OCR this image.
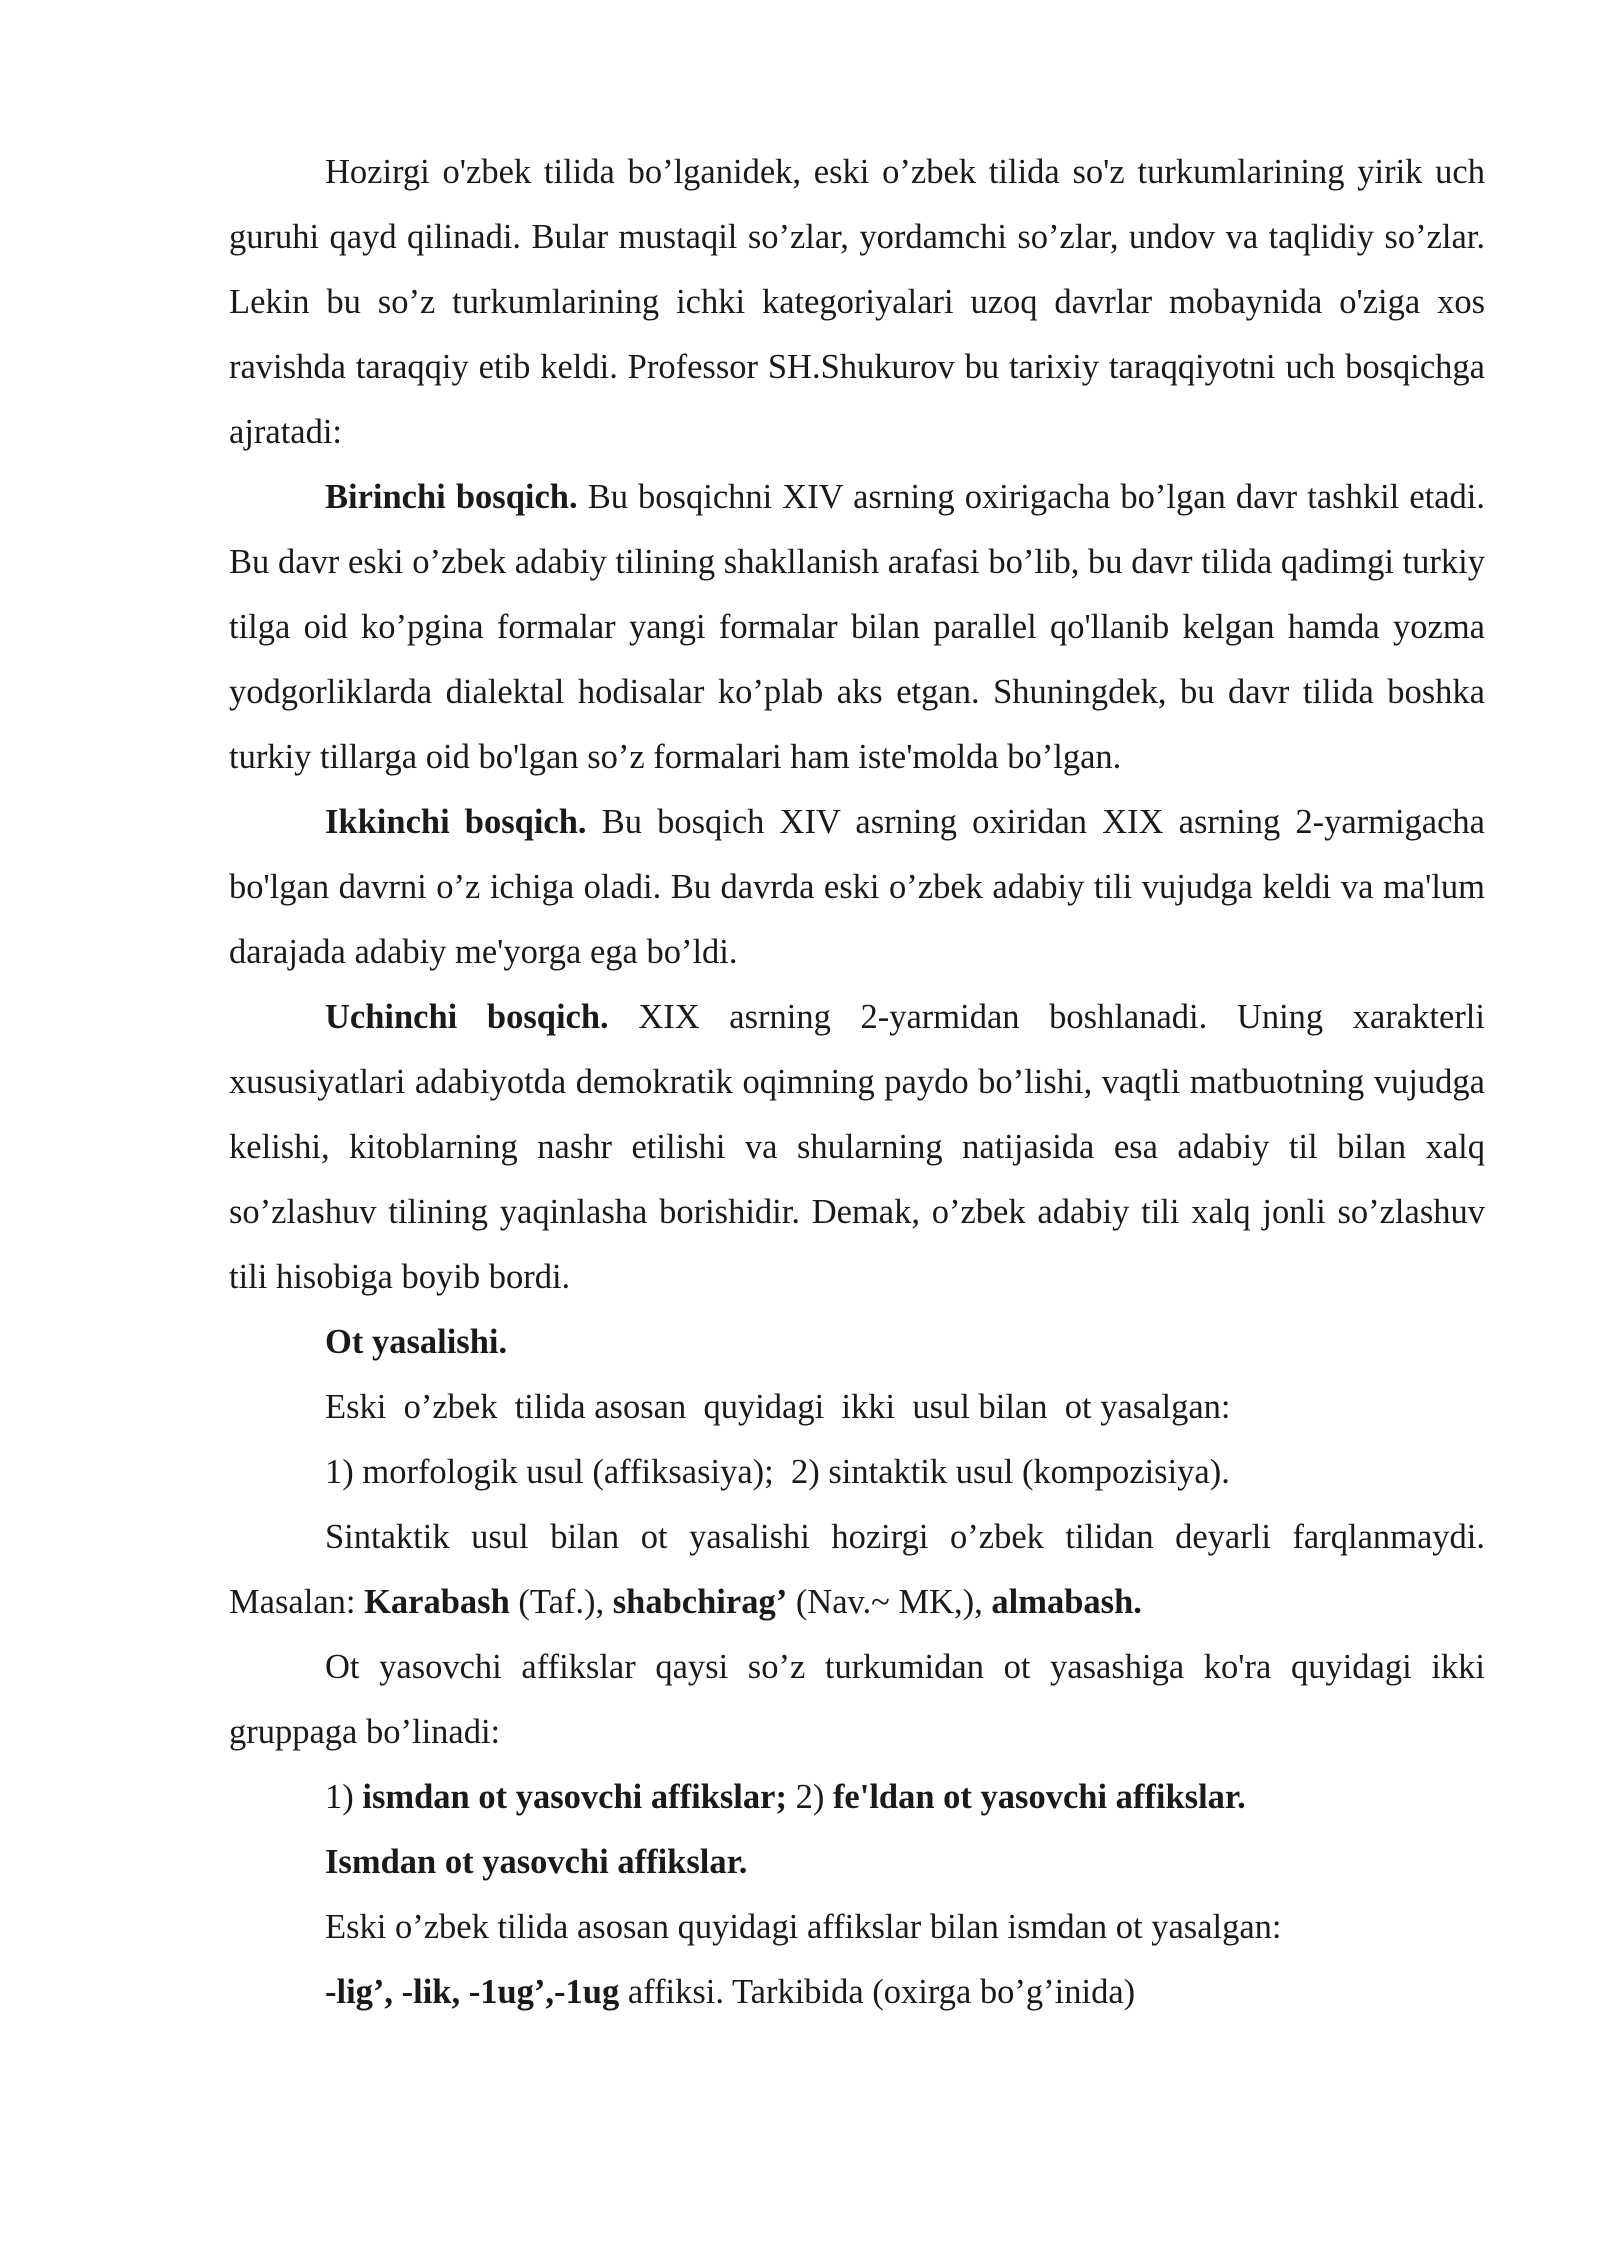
Hozirgi o'zbek tilida bo’lganidek, eski o’zbek tilida so'z turkumlarining yirik uch guruhi qayd qilinadi. Bular mustaqil so’zlar, yordamchi so’zlar, undov va taqlidiy so’zlar. Lekin bu so’z turkumlarining ichki kategoriyalari uzoq davrlar mobaynida o'ziga xos ravishda taraqqiy etib keldi. Professor SH.Shukurov bu tarixiy taraqqiyotni uch bosqichga ajratadi:

Birinchi bosqich. Bu bosqichni XIV asrning oxirigacha bo’lgan davr tashkil etadi. Bu davr eski o’zbek adabiy tilining shakllanish arafasi bo’lib, bu davr tilida qadimgi turkiy tilga oid ko’pgina formalar yangi formalar bilan parallel qo'llanib kelgan hamda yozma yodgorliklarda dialektal hodisalar ko’plab aks etgan. Shuningdek, bu davr tilida boshka turkiy tillarga oid bo'lgan so’z formalari ham iste'molda bo’lgan.

Ikkinchi bosqich. Bu bosqich XIV asrning oxiridan XIX asrning 2-yarmigacha bo'lgan davrni o’z ichiga oladi. Bu davrda eski o’zbek adabiy tili vujudga keldi va ma'lum darajada adabiy me'yorga ega bo’ldi.

Uchinchi bosqich. XIX asrning 2-yarmidan boshlanadi. Uning xarakterli xususiyatlari adabiyotda demokratik oqimning paydo bo’lishi, vaqtli matbuotning vujudga kelishi, kitoblarning nashr etilishi va shularning natijasida esa adabiy til bilan xalq so’zlashuv tilining yaqinlasha borishidir. Demak, o’zbek adabiy tili xalq jonli so’zlashuv tili hisobiga boyib bordi.

Ot yasalishi.

Eski  o’zbek  tilida asosan  quyidagi  ikki  usul bilan  ot yasalgan:

1) morfologik usul (affiksasiya);  2) sintaktik usul (kompozisiya).

Sintaktik usul bilan ot yasalishi hozirgi o’zbek tilidan deyarli farqlanmaydi. Masalan: Karabash (Taf.), shabchirag’ (Nav.~ MK,), almabash.

Ot yasovchi affikslar qaysi so’z turkumidan ot yasashiga ko'ra quyidagi ikki gruppaga bo’linadi:

1) ismdan ot yasovchi affikslar; 2) fe'ldan ot yasovchi affikslar.

Ismdan ot yasovchi affikslar.

Eski o’zbek tilida asosan quyidagi affikslar bilan ismdan ot yasalgan:

-lig’, -lik, -1ug’,-1ug affiksi. Tarkibida (oxirga bo’g’inida)
